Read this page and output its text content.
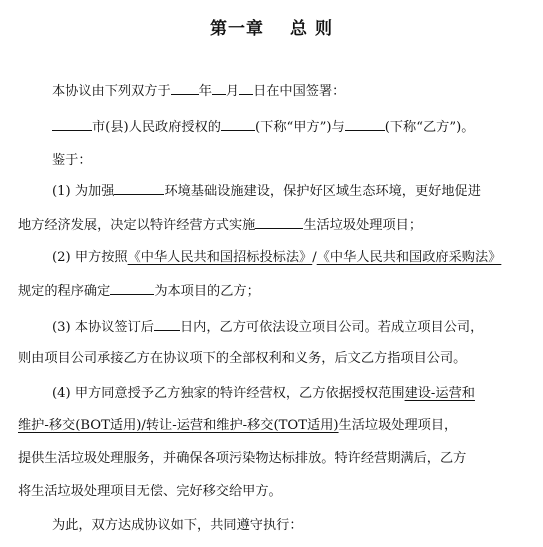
第一章 总 则
本协议由下列双方于 年 月 日在中国签署：
市(县)人民政府授权的	(下称“甲方”)与	(下称“乙方”)。
鉴于：
(1) 为加强	环境基础设施建设，保护好区域生态环境，更好地促进
地方经济发展，决定以特许经营方式实施	生活垃圾处理项目；
(2) 甲方按照《中华人民共和国招标投标法》/《中华人民共和国政府采购法》
规定的程序确定	为本项目的乙方；
(3) 本协议签订后 日内，乙方可依法设立项目公司。若成立项目公司，
则由项目公司承接乙方在协议项下的全部权利和义务，后文乙方指项目公司。
(4) 甲方同意授予乙方独家的特许经营权，乙方依据授权范围建设-运营和
维护-移交(BOT适用)/转让-运营和维护-移交(TOT适用)生活垃圾处理项目，
提供生活垃圾处理服务，并确保各项污染物达标排放。特许经营期满后，乙方
将生活垃圾处理项目无偿、完好移交给甲方。
为此，双方达成协议如下，共同遵守执行：
